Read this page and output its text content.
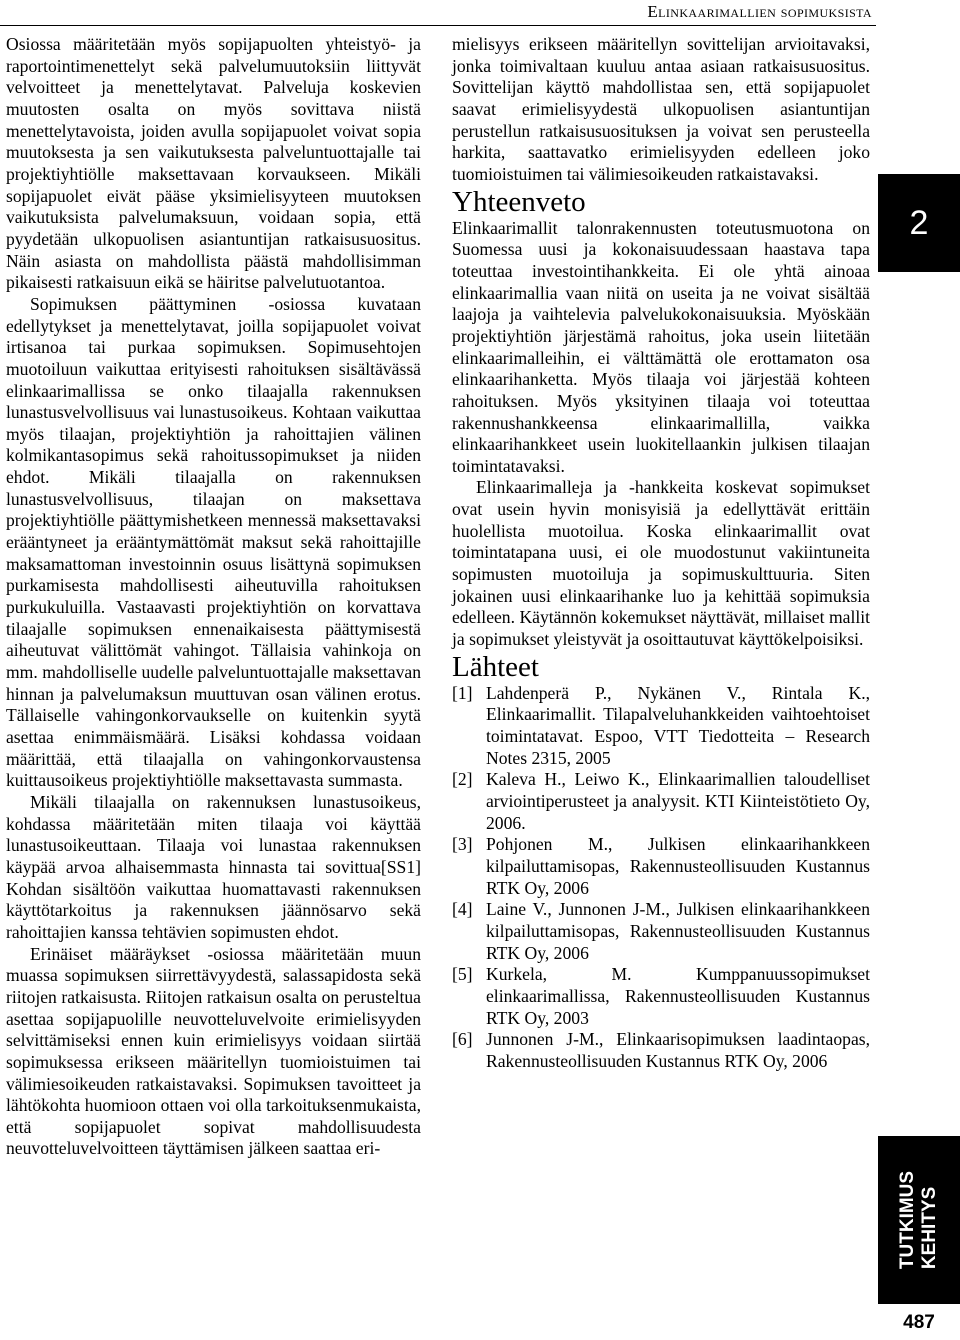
Elinkaarimallien sopimuksista

Osiossa määritetään myös sopijapuolten yhteistyö- ja raportointimenettelyt sekä palvelumuutoksiin liittyvät velvoitteet ja menettelytavat. Palveluja koskevien muutosten osalta on myös sovittava niistä menettelytavoista, joiden avulla sopijapuolet voivat sopia muutoksesta ja sen vaikutuksesta palveluntuottajalle tai projektiyhtiölle maksettavaan korvaukseen. Mikäli sopijapuolet eivät pääse yksimielisyyteen muutoksen vaikutuksista palvelumaksuun, voidaan sopia, että pyydetään ulkopuolisen asiantuntijan ratkaisusuositus. Näin asiasta on mahdollista päästä mahdollisimman pikaisesti ratkaisuun eikä se häiritse palvelutuotantoa.

Sopimuksen päättyminen -osiossa kuvataan edellytykset ja menettelytavat, joilla sopijapuolet voivat irtisanoa tai purkaa sopimuksen. Sopimusehtojen muotoiluun vaikuttaa erityisesti rahoituksen sisältävässä elinkaarimallissa se onko tilaajalla rakennuksen lunastusvelvollisuus vai lunastusoikeus. Kohtaan vaikuttaa myös tilaajan, projektiyhtiön ja rahoittajien välinen kolmikantasopimus sekä rahoitussopimukset ja niiden ehdot. Mikäli tilaajalla on rakennuksen lunastusvelvollisuus, tilaajan on maksettava projektiyhtiölle päättymishetkeen mennessä maksettavaksi erääntyneet ja erääntymättömät maksut sekä rahoittajille maksamattoman investoinnin osuus lisättynä sopimuksen purkamisesta mahdollisesti aiheutuvilla rahoituksen purkukuluilla. Vastaavasti projektiyhtiön on korvattava tilaajalle sopimuksen ennenaikaisesta päättymisestä aiheutuvat välittömät vahingot. Tällaisia vahinkoja on mm. mahdolliselle uudelle palveluntuottajalle maksettavan hinnan ja palvelumaksun muuttuvan osan välinen erotus. Tällaiselle vahingonkorvaukselle on kuitenkin syytä asettaa enimmäismäärä. Lisäksi kohdassa voidaan määrittää, että tilaajalla on vahingonkorvaustensa kuittausoikeus projektiyhtiölle maksettavasta summasta.

Mikäli tilaajalla on rakennuksen lunastusoikeus, kohdassa määritetään miten tilaaja voi käyttää lunastusoikeuttaan. Tilaaja voi lunastaa rakennuksen käypää arvoa alhaisemmasta hinnasta tai sovittua[SS1] Kohdan sisältöön vaikuttaa huomattavasti rakennuksen käyttötarkoitus ja rakennuksen jäännösarvo sekä rahoittajien kanssa tehtävien sopimusten ehdot.

Erinäiset määräykset -osiossa määritetään muun muassa sopimuksen siirrettävyydestä, salassapidosta sekä riitojen ratkaisusta. Riitojen ratkaisun osalta on perusteltua asettaa sopijapuolille neuvotteluvelvoite erimielisyyden selvittämiseksi ennen kuin erimielisyys voidaan siirtää sopimuksessa erikseen määritellyn tuomioistuimen tai välimiesoikeuden ratkaistavaksi. Sopimuksen tavoitteet ja lähtökohta huomioon ottaen voi olla tarkoituksenmukaista, että sopijapuolet sopivat mahdollisuudesta neuvotteluvelvoitteen täyttämisen jälkeen saattaa eri-

mielisyys erikseen määritellyn sovittelijan arvioitavaksi, jonka toimivaltaan kuuluu antaa asiaan ratkaisusuositus. Sovittelijan käyttö mahdollistaa sen, että sopijapuolet saavat erimielisyydestä ulkopuolisen asiantuntijan perustellun ratkaisusuosituksen ja voivat sen perusteella harkita, saattavatko erimielisyyden edelleen joko tuomioistuimen tai välimiesoikeuden ratkaistavaksi.

Yhteenveto

Elinkaarimallit talonrakennusten toteutusmuotona on Suomessa uusi ja kokonaisuudessaan haastava tapa toteuttaa investointihankkeita. Ei ole yhtä ainoaa elinkaarimallia vaan niitä on useita ja ne voivat sisältää laajoja ja vaihtelevia palvelukokonaisuuksia. Myöskään projektiyhtiön järjestämä rahoitus, joka usein liitetään elinkaarimalleihin, ei välttämättä ole erottamaton osa elinkaarihanketta. Myös tilaaja voi järjestää kohteen rahoituksen. Myös yksityinen tilaaja voi toteuttaa rakennushankkeensa elinkaarimallilla, vaikka elinkaarihankkeet usein luokitellaankin julkisen tilaajan toimintatavaksi.

Elinkaarimalleja ja -hankkeita koskevat sopimukset ovat usein hyvin monisyisiä ja edellyttävät erittäin huolellista muotoilua. Koska elinkaarimallit ovat toimintatapana uusi, ei ole muodostunut vakiintuneita sopimusten muotoiluja ja sopimuskulttuuria. Siten jokainen uusi elinkaarihanke luo ja kehittää sopimuksia edelleen. Käytännön kokemukset näyttävät, millaiset mallit ja sopimukset yleistyvät ja osoittautuvat käyttökelpoisiksi.

Lähteet
[1] Lahdenperä P., Nykänen V., Rintala K., Elinkaarimallit. Tilapalveluhankkeiden vaihtoehtoiset toimintatavat. Espoo, VTT Tiedotteita – Research Notes 2315, 2005
[2] Kaleva H., Leiwo K., Elinkaarimallien taloudelliset arviointiperusteet ja analyysit. KTI Kiinteistötieto Oy, 2006.
[3] Pohjonen M., Julkisen elinkaarihankkeen kilpailuttamisopas, Rakennusteollisuuden Kustannus RTK Oy, 2006
[4] Laine V., Junnonen J-M., Julkisen elinkaarihankkeen kilpailuttamisopas, Rakennusteollisuuden Kustannus RTK Oy, 2006
[5] Kurkela, M. Kumppanuussopimukset elinkaarimallissa, Rakennusteollisuuden Kustannus RTK Oy, 2003
[6] Junnonen J-M., Elinkaarisopimuksen laadintaopas, Rakennusteollisuuden Kustannus RTK Oy, 2006
2
TUTKIMUS KEHITYS
487
